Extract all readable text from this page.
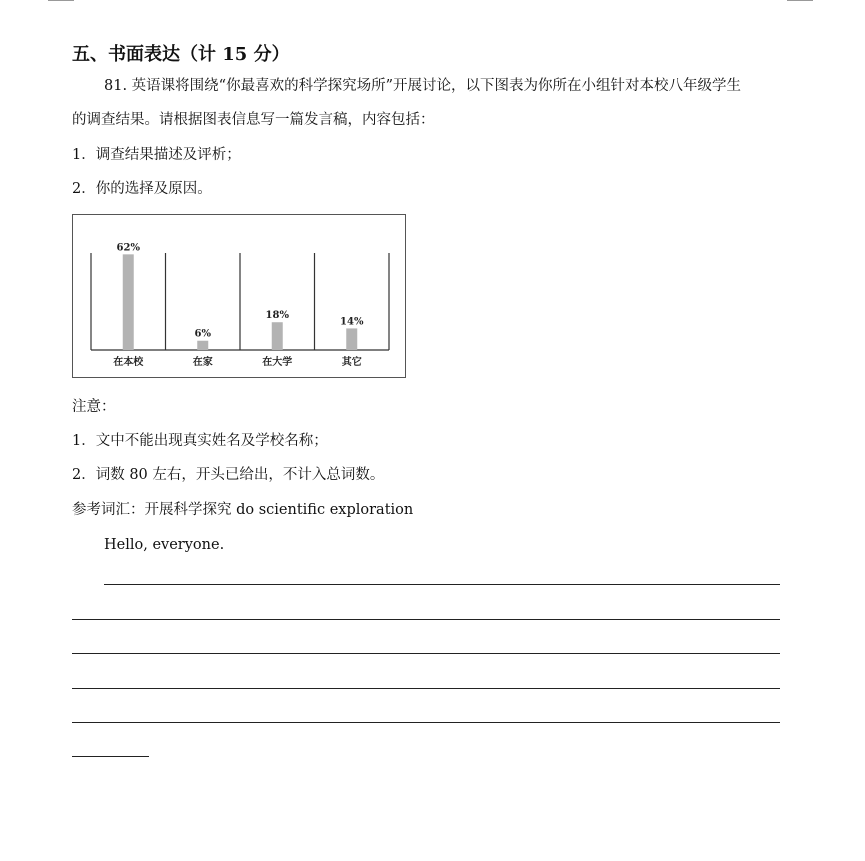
五、书面表达（计 15 分）
81. 英语课将围绕“你最喜欢的科学探究场所”开展讨论，以下图表为你所在小组针对本校八年级学生
的调查结果。请根据图表信息写一篇发言稿，内容包括：
1．调查结果描述及评析；
2．你的选择及原因。
62%
在本校
6%
在家
18%
在大学
14%
其它
注意：
1．文中不能出现真实姓名及学校名称；
2．词数 80 左右，开头已给出，不计入总词数。
参考词汇：开展科学探究 do scientific exploration
Hello, everyone.
